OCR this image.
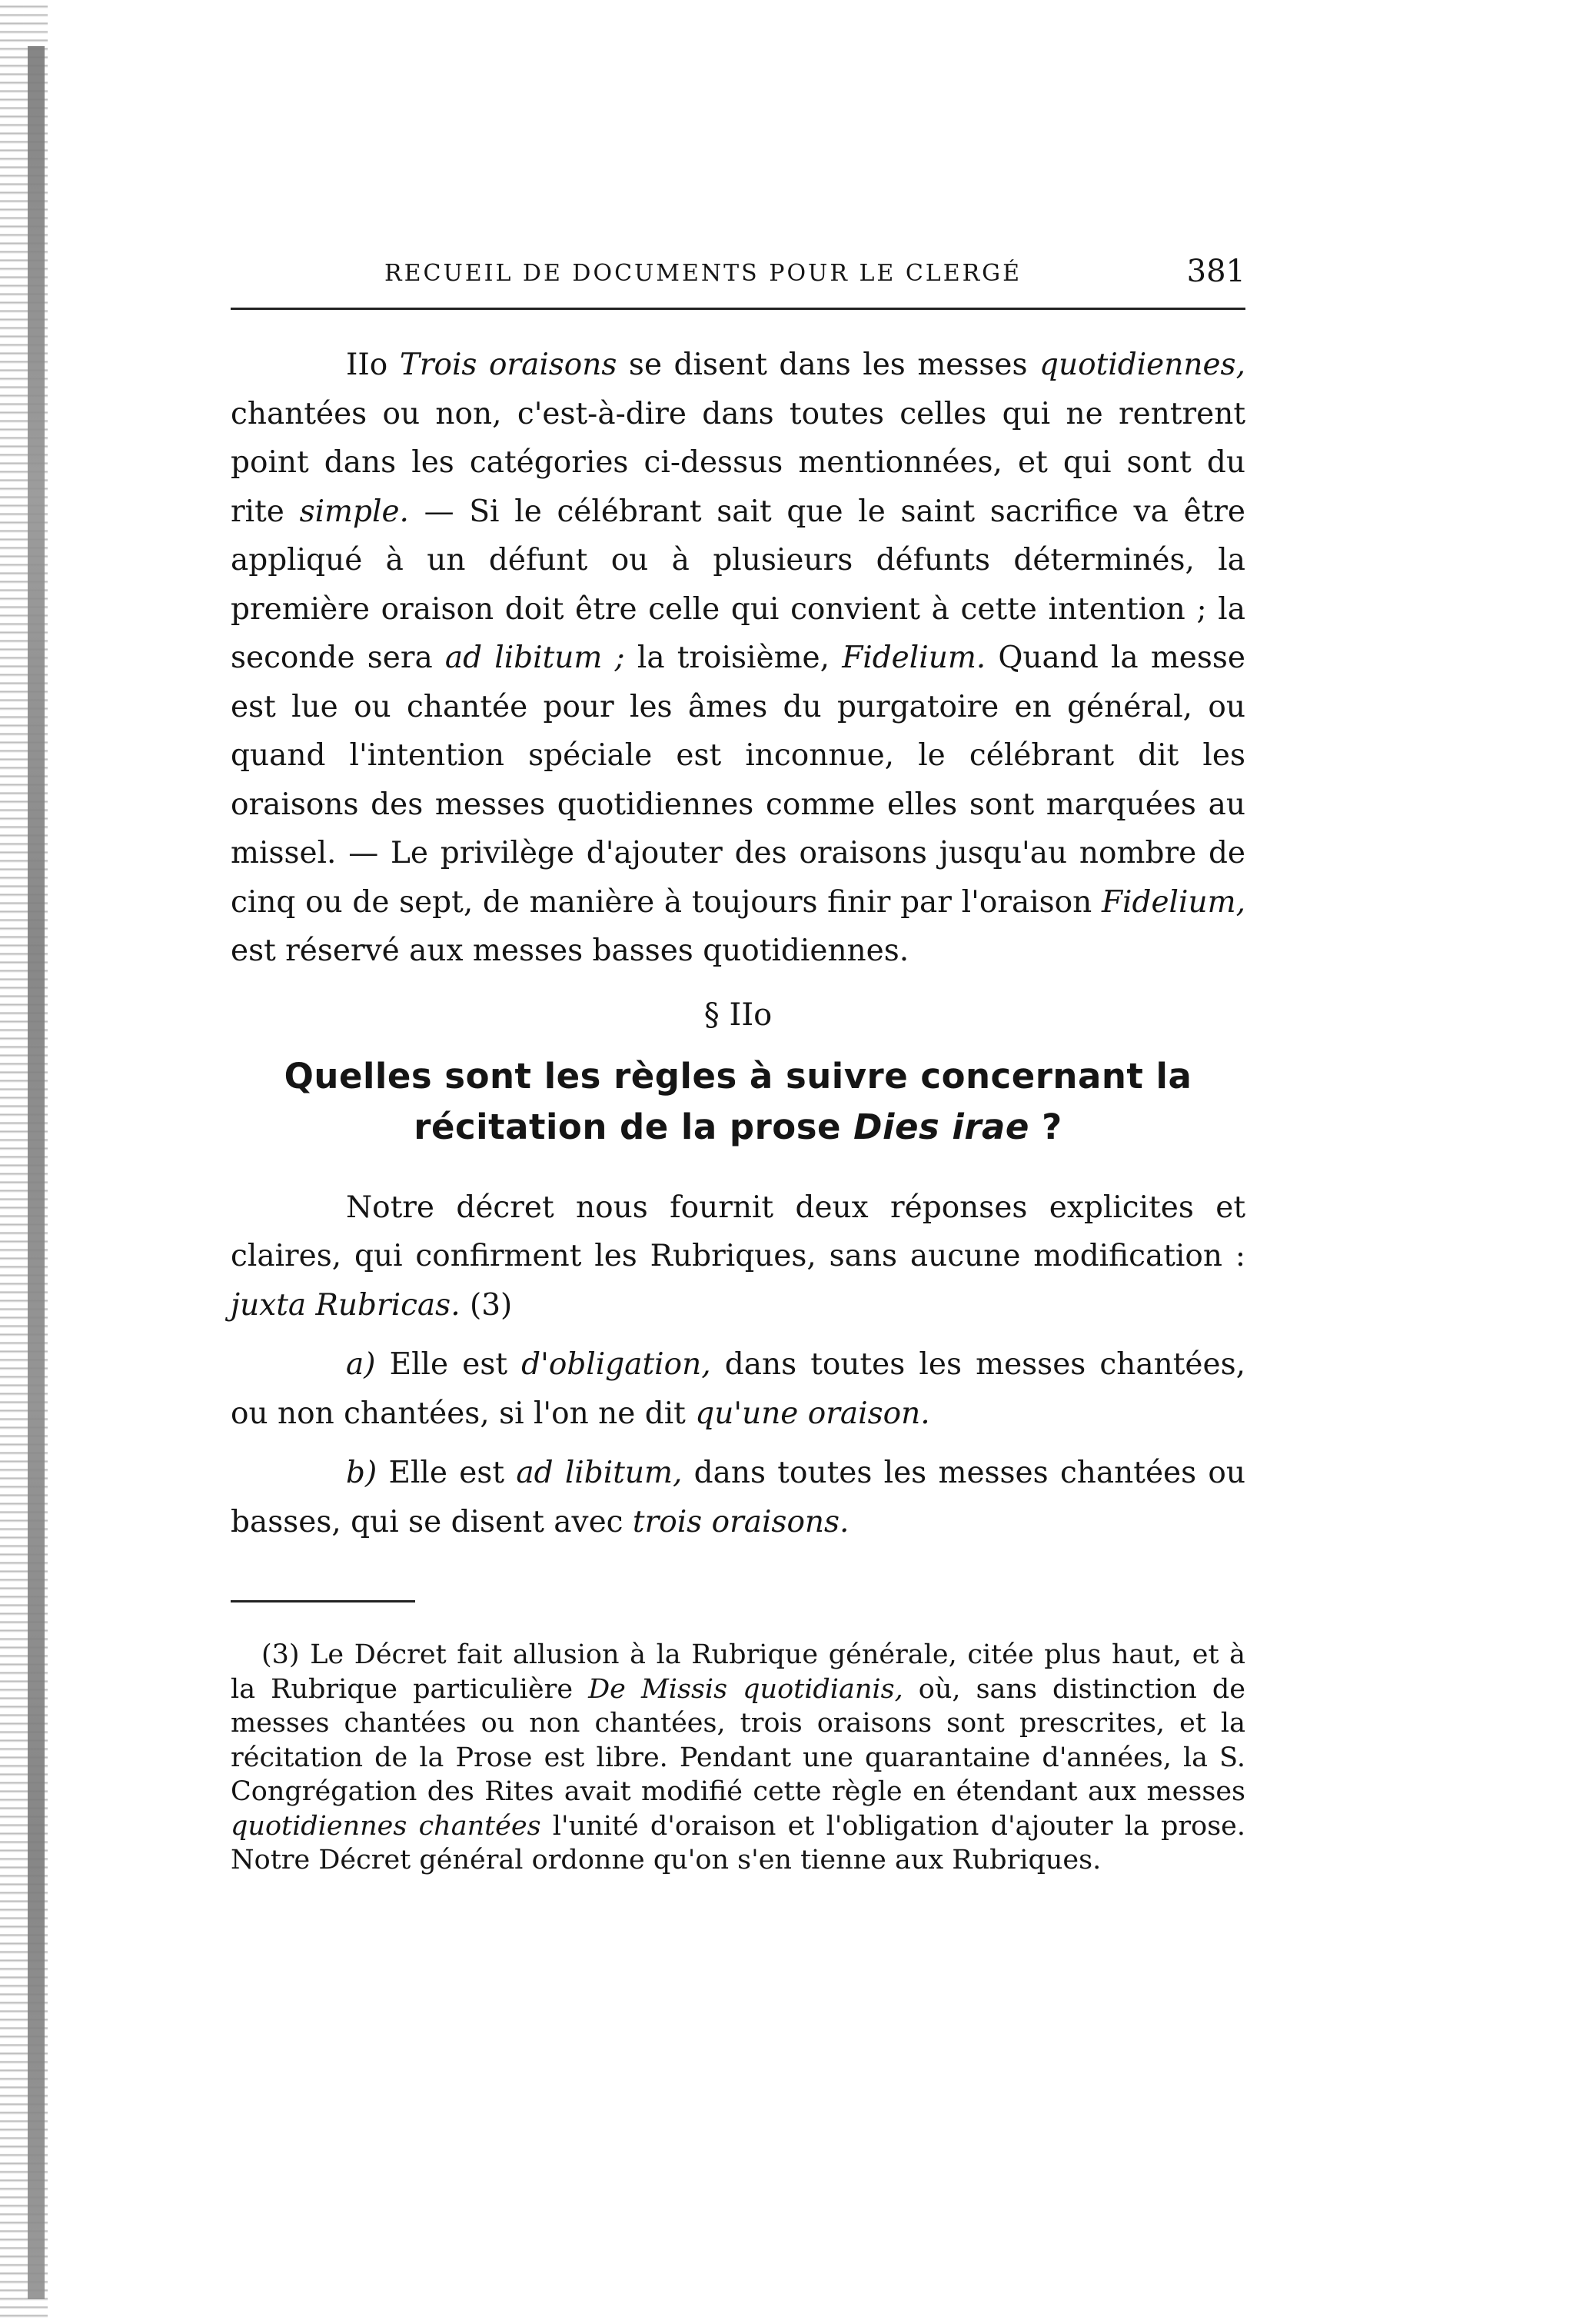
RECUEIL DE DOCUMENTS POUR LE CLERGÉ	381

IIo Trois oraisons se disent dans les messes quotidiennes, chantées ou non, c'est-à-dire dans toutes celles qui ne rentrent point dans les catégories ci-dessus mentionnées, et qui sont du rite simple. — Si le célébrant sait que le saint sacrifice va être appliqué à un défunt ou à plusieurs défunts déterminés, la première oraison doit être celle qui convient à cette intention ; la seconde sera ad libitum ; la troisième, Fidelium. Quand la messe est lue ou chantée pour les âmes du purgatoire en général, ou quand l'intention spéciale est inconnue, le célébrant dit les oraisons des messes quotidiennes comme elles sont marquées au missel. — Le privilège d'ajouter des oraisons jusqu'au nombre de cinq ou de sept, de manière à toujours finir par l'oraison Fidelium, est réservé aux messes basses quotidiennes.

§ IIo
Quelles sont les règles à suivre concernant la récitation de la prose Dies irae ?

Notre décret nous fournit deux réponses explicites et claires, qui confirment les Rubriques, sans aucune modification : juxta Rubricas. (3)

a) Elle est d'obligation, dans toutes les messes chantées, ou non chantées, si l'on ne dit qu'une oraison.

b) Elle est ad libitum, dans toutes les messes chantées ou basses, qui se disent avec trois oraisons.

(3) Le Décret fait allusion à la Rubrique générale, citée plus haut, et à la Rubrique particulière De Missis quotidianis, où, sans distinction de messes chantées ou non chantées, trois oraisons sont prescrites, et la récitation de la Prose est libre. Pendant une quarantaine d'années, la S. Congrégation des Rites avait modifié cette règle en étendant aux messes quotidiennes chantées l'unité d'oraison et l'obligation d'ajouter la prose. Notre Décret général ordonne qu'on s'en tienne aux Rubriques.
